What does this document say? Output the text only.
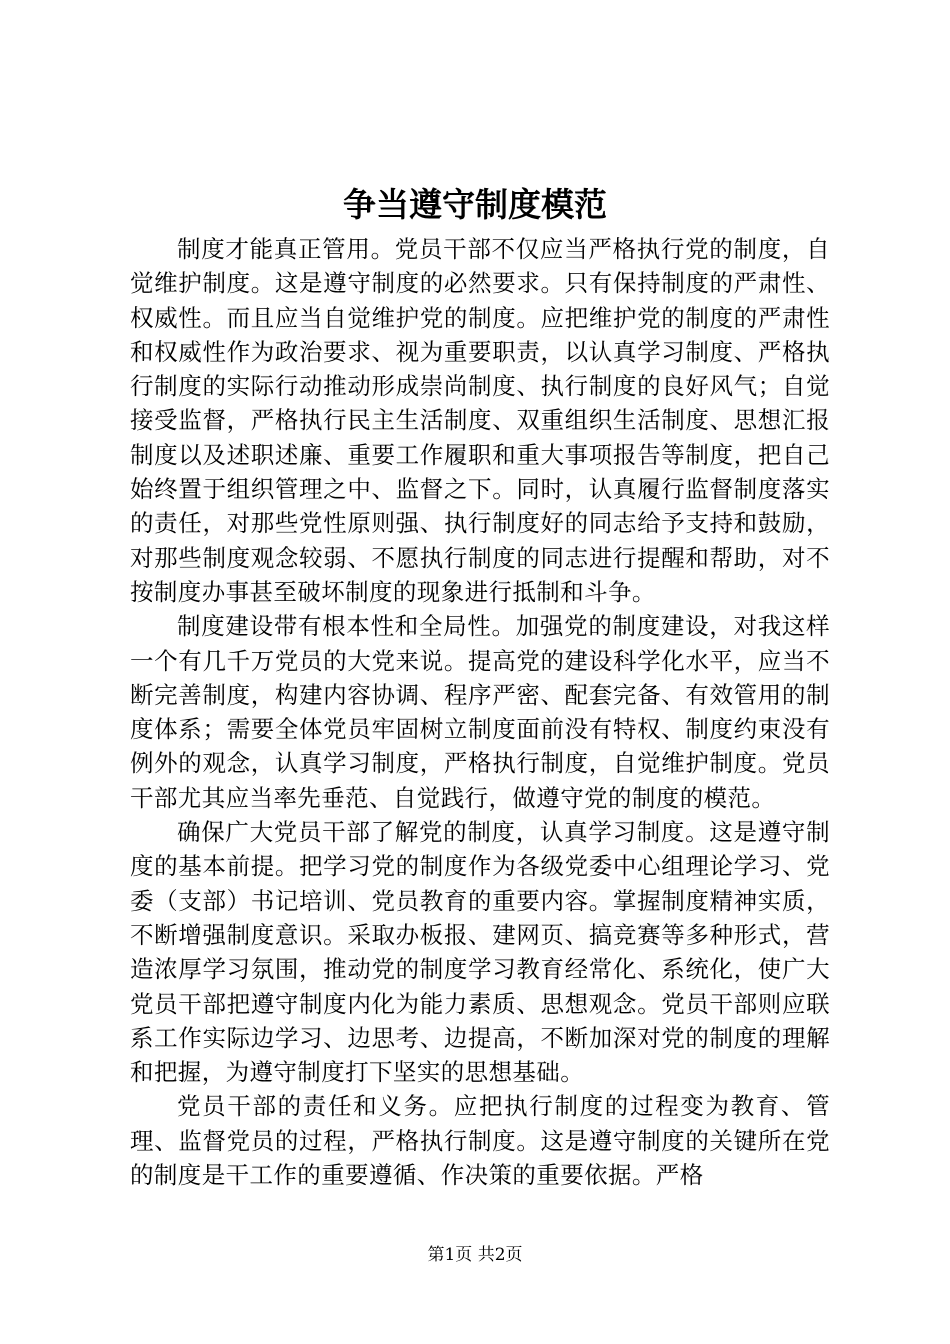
争当遵守制度模范

制度才能真正管用。党员干部不仅应当严格执行党的制度，自觉维护制度。这是遵守制度的必然要求。只有保持制度的严肃性、权威性。而且应当自觉维护党的制度。应把维护党的制度的严肃性和权威性作为政治要求、视为重要职责，以认真学习制度、严格执行制度的实际行动推动形成崇尚制度、执行制度的良好风气；自觉接受监督，严格执行民主生活制度、双重组织生活制度、思想汇报制度以及述职述廉、重要工作履职和重大事项报告等制度，把自己始终置于组织管理之中、监督之下。同时，认真履行监督制度落实的责任，对那些党性原则强、执行制度好的同志给予支持和鼓励，对那些制度观念较弱、不愿执行制度的同志进行提醒和帮助，对不按制度办事甚至破坏制度的现象进行抵制和斗争。

制度建设带有根本性和全局性。加强党的制度建设，对我这样一个有几千万党员的大党来说。提高党的建设科学化水平，应当不断完善制度，构建内容协调、程序严密、配套完备、有效管用的制度体系；需要全体党员牢固树立制度面前没有特权、制度约束没有例外的观念，认真学习制度，严格执行制度，自觉维护制度。党员干部尤其应当率先垂范、自觉践行，做遵守党的制度的模范。

确保广大党员干部了解党的制度，认真学习制度。这是遵守制度的基本前提。把学习党的制度作为各级党委中心组理论学习、党委（支部）书记培训、党员教育的重要内容。掌握制度精神实质，不断增强制度意识。采取办板报、建网页、搞竞赛等多种形式，营造浓厚学习氛围，推动党的制度学习教育经常化、系统化，使广大党员干部把遵守制度内化为能力素质、思想观念。党员干部则应联系工作实际边学习、边思考、边提高，不断加深对党的制度的理解和把握，为遵守制度打下坚实的思想基础。

党员干部的责任和义务。应把执行制度的过程变为教育、管理、监督党员的过程，严格执行制度。这是遵守制度的关键所在党的制度是干工作的重要遵循、作决策的重要依据。严格

第1页 共2页
